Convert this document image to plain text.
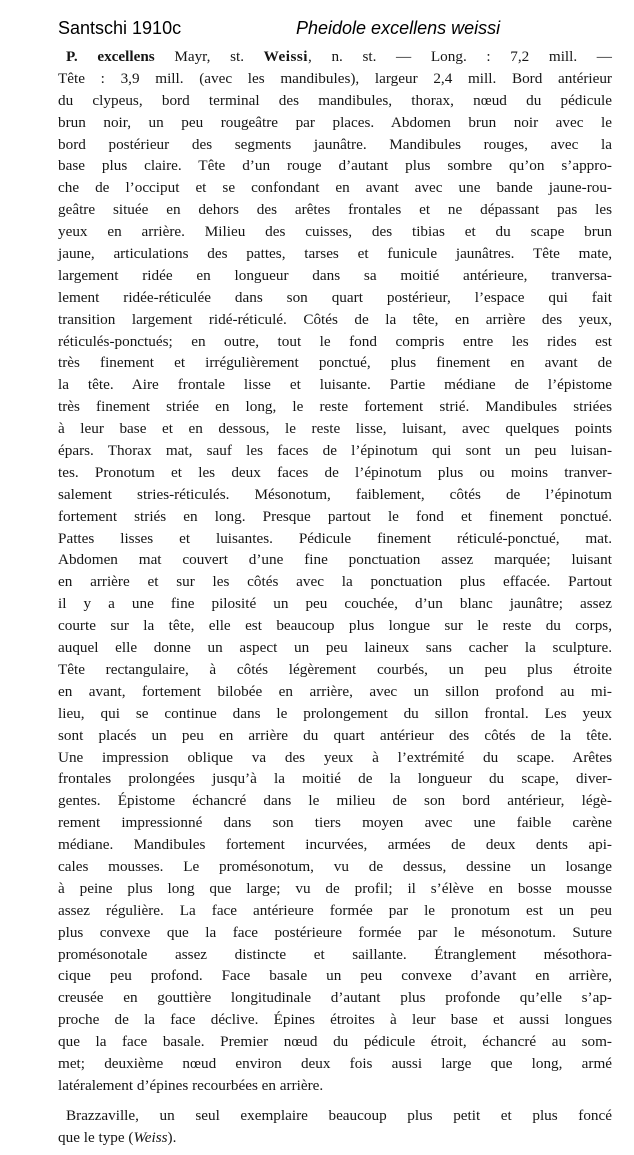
Santschi 1910c	Pheidole excellens weissi
P. excellens Mayr, st. Weissi, n. st. — Long. : 7,2 mill. —
Tête : 3,9 mill. (avec les mandibules), largeur 2,4 mill. Bord antérieur
du clypeus, bord terminal des mandibules, thorax, nœud du pédicule
brun noir, un peu rougeâtre par places. Abdomen brun noir avec le
bord postérieur des segments jaunâtre. Mandibules rouges, avec la
base plus claire. Tête d’un rouge d’autant plus sombre qu’on s’appro-
che de l’occiput et se confondant en avant avec une bande jaune-rou-
geâtre située en dehors des arêtes frontales et ne dépassant pas les
yeux en arrière. Milieu des cuisses, des tibias et du scape brun
jaune, articulations des pattes, tarses et funicule jaunâtres. Tête mate,
largement ridée en longueur dans sa moitié antérieure, tranversa-
lement ridée-réticulée dans son quart postérieur, l’espace qui fait
transition largement ridé-réticulé. Côtés de la tête, en arrière des yeux,
réticulés-ponctués; en outre, tout le fond compris entre les rides est
très finement et irrégulièrement ponctué, plus finement en avant de
la tête. Aire frontale lisse et luisante. Partie médiane de l’épistome
très finement striée en long, le reste fortement strié. Mandibules striées
à leur base et en dessous, le reste lisse, luisant, avec quelques points
épars. Thorax mat, sauf les faces de l’épinotum qui sont un peu luisan-
tes. Pronotum et les deux faces de l’épinotum plus ou moins tranver-
salement stries-réticulés. Mésonotum, faiblement, côtés de l’épinotum
fortement striés en long. Presque partout le fond et finement ponctué.
Pattes lisses et luisantes. Pédicule finement réticulé-ponctué, mat.
Abdomen mat couvert d’une fine ponctuation assez marquée; luisant
en arrière et sur les côtés avec la ponctuation plus effacée. Partout
il y a une fine pilosité un peu couchée, d’un blanc jaunâtre; assez
courte sur la tête, elle est beaucoup plus longue sur le reste du corps,
auquel elle donne un aspect un peu laineux sans cacher la sculpture.
Tête rectangulaire, à côtés légèrement courbés, un peu plus étroite
en avant, fortement bilobée en arrière, avec un sillon profond au mi-
lieu, qui se continue dans le prolongement du sillon frontal. Les yeux
sont placés un peu en arrière du quart antérieur des côtés de la tête.
Une impression oblique va des yeux à l’extrémité du scape. Arêtes
frontales prolongées jusqu’à la moitié de la longueur du scape, diver-
gentes. Épistome échancré dans le milieu de son bord antérieur, légè-
rement impressionné dans son tiers moyen avec une faible carène
médiane. Mandibules fortement incurvées, armées de deux dents api-
cales mousses. Le promésonotum, vu de dessus, dessine un losange
à peine plus long que large; vu de profil; il s’élève en bosse mousse
assez régulière. La face antérieure formée par le pronotum est un peu
plus convexe que la face postérieure formée par le mésonotum. Suture
promésonotale assez distincte et saillante. Étranglement mésothora-
cique peu profond. Face basale un peu convexe d’avant en arrière,
creusée en gouttière longitudinale d’autant plus profonde qu’elle s’ap-
proche de la face déclive. Épines étroites à leur base et aussi longues
que la face basale. Premier nœud du pédicule étroit, échancré au som-
met; deuxième nœud environ deux fois aussi large que long, armé
latéralement d’épines recourbées en arrière.
Brazzaville, un seul exemplaire beaucoup plus petit et plus foncé
que le type (Weiss).
